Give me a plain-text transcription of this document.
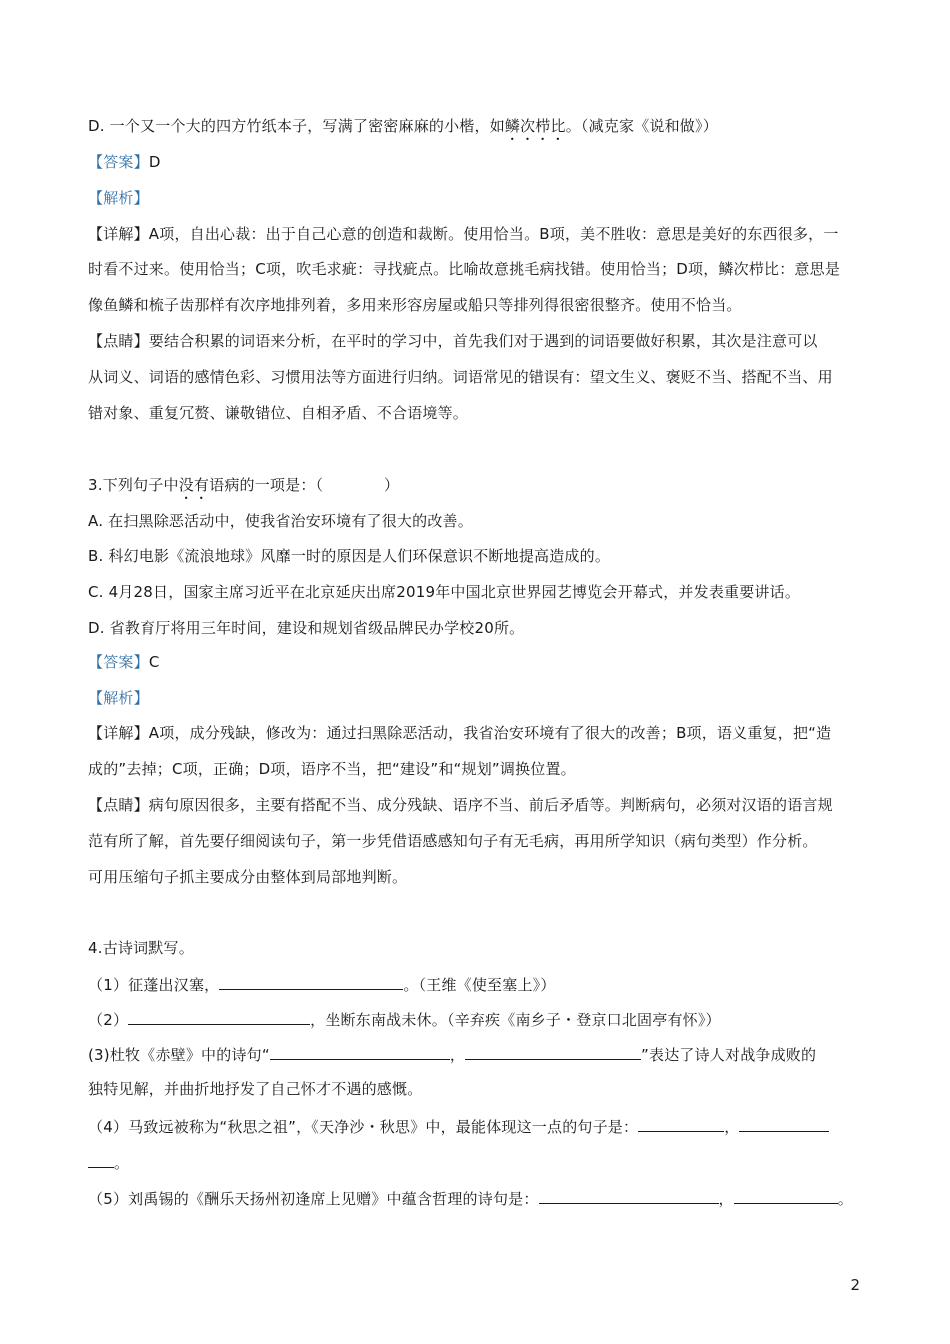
D. 一个又一个大的四方竹纸本子，写满了密密麻麻的小楷，如鳞次栉比。（减克家《说和做》）
【答案】D
【解析】
【详解】A项，自出心裁：出于自己心意的创造和裁断。使用恰当。B项，美不胜收：意思是美好的东西很多，一
时看不过来。使用恰当；C项，吹毛求疵：寻找疵点。比喻故意挑毛病找错。使用恰当；D项，鳞次栉比：意思是
像鱼鳞和梳子齿那样有次序地排列着，多用来形容房屋或船只等排列得很密很整齐。使用不恰当。
【点睛】要结合积累的词语来分析，在平时的学习中，首先我们对于遇到的词语要做好积累，其次是注意可以
从词义、词语的感情色彩、习惯用法等方面进行归纳。词语常见的错误有：望文生义、褒贬不当、搭配不当、用
错对象、重复冗赘、谦敬错位、自相矛盾、不合语境等。
3.下列句子中没有语病的一项是：（　　　　）
A. 在扫黑除恶活动中，使我省治安环境有了很大的改善。
B. 科幻电影《流浪地球》风靡一时的原因是人们环保意识不断地提高造成的。
C. 4月28日，国家主席习近平在北京延庆出席2019年中国北京世界园艺博览会开幕式，并发表重要讲话。
D. 省教育厅将用三年时间，建设和规划省级品牌民办学校20所。
【答案】C
【解析】
【详解】A项，成分残缺，修改为：通过扫黑除恶活动，我省治安环境有了很大的改善；B项，语义重复，把“造
成的”去掉；C项，正确；D项，语序不当，把“建设”和“规划”调换位置。
【点睛】病句原因很多，主要有搭配不当、成分残缺、语序不当、前后矛盾等。判断病句，必须对汉语的语言规
范有所了解，首先要仔细阅读句子，第一步凭借语感感知句子有无毛病，再用所学知识（病句类型）作分析。
可用压缩句子抓主要成分由整体到局部地判断。
4.古诗词默写。
（1）征蓬出汉塞，	。（王维《使至塞上》）
（2）	，坐断东南战未休。（辛弃疾《南乡子・登京口北固亭有怀》）
(3)杜牧《赤壁》中的诗句“	，	”表达了诗人对战争成败的
独特见解，并曲折地抒发了自己怀才不遇的感慨。
（4）马致远被称为“秋思之祖”，《天净沙・秋思》中，最能体现这一点的句子是：	，
。
（5）刘禹锡的《酬乐天扬州初逢席上见赠》中蕴含哲理的诗句是：	，	。
2
